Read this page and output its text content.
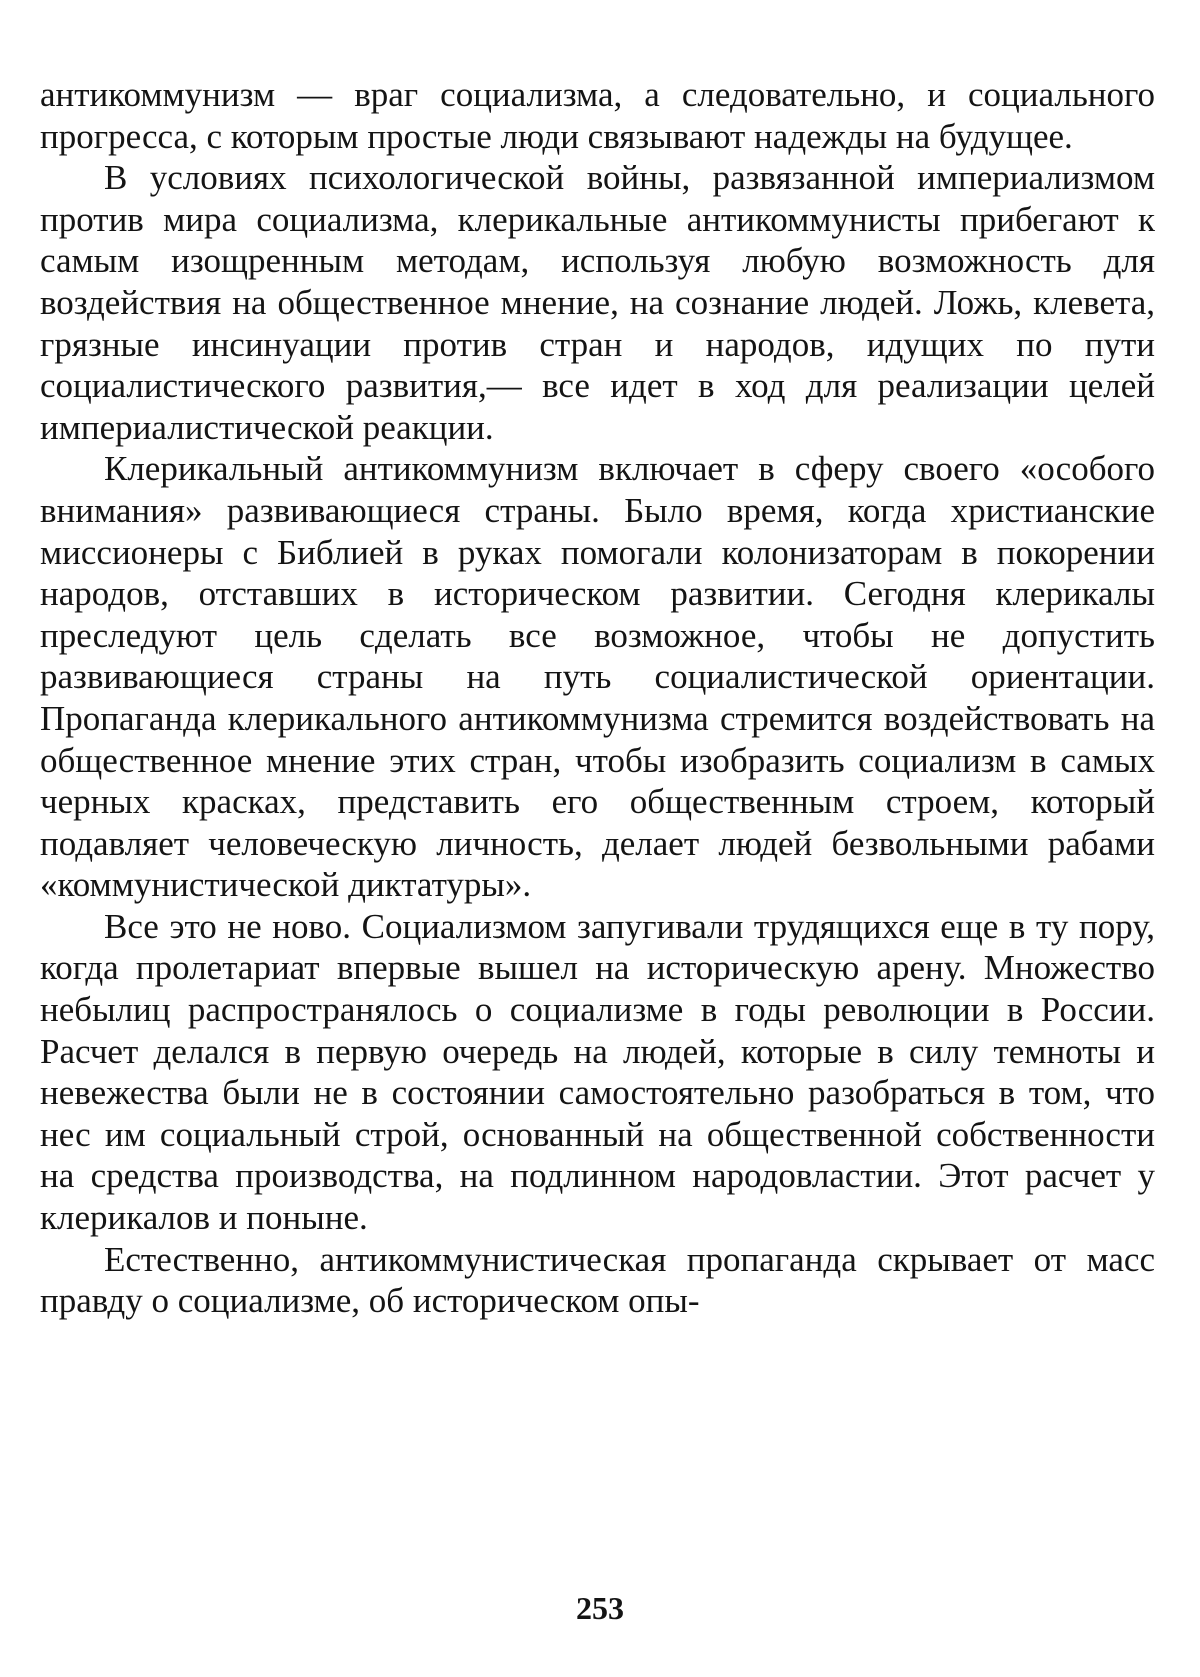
антикоммунизм — враг социализма, а следовательно, и социального прогресса, с которым простые люди связывают надежды на будущее.

В условиях психологической войны, развязанной империализмом против мира социализма, клерикальные антикоммунисты прибегают к самым изощренным методам, используя любую возможность для воздействия на общественное мнение, на сознание людей. Ложь, клевета, грязные инсинуации против стран и народов, идущих по пути социалистического развития,— все идет в ход для реализации целей империалистической реакции.

Клерикальный антикоммунизм включает в сферу своего «особого внимания» развивающиеся страны. Было время, когда христианские миссионеры с Библией в руках помогали колонизаторам в покорении народов, отставших в историческом развитии. Сегодня клерикалы преследуют цель сделать все возможное, чтобы не допустить развивающиеся страны на путь социалистической ориентации. Пропаганда клерикального антикоммунизма стремится воздействовать на общественное мнение этих стран, чтобы изобразить социализм в самых черных красках, представить его общественным строем, который подавляет человеческую личность, делает людей безвольными рабами «коммунистической диктатуры».

Все это не ново. Социализмом запугивали трудящихся еще в ту пору, когда пролетариат впервые вышел на историческую арену. Множество небылиц распространялось о социализме в годы революции в России. Расчет делался в первую очередь на людей, которые в силу темноты и невежества были не в состоянии самостоятельно разобраться в том, что нес им социальный строй, основанный на общественной собственности на средства производства, на подлинном народовластии. Этот расчет у клерикалов и поныне.

Естественно, антикоммунистическая пропаганда скрывает от масс правду о социализме, об историческом опы-

253
